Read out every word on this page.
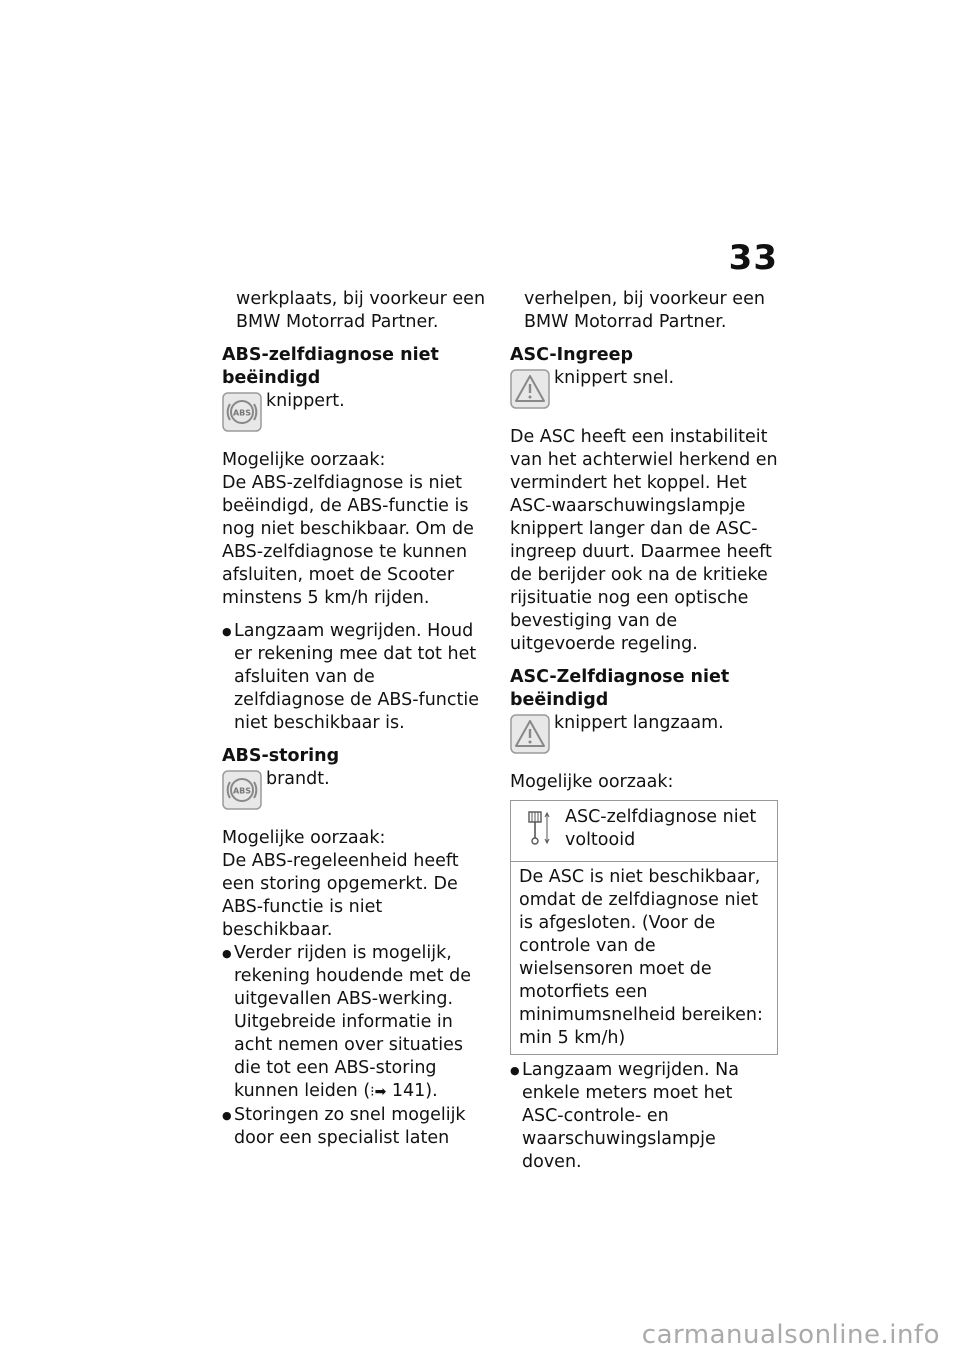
33
werkplaats, bij voorkeur een
BMW Motorrad Partner.
ABS-zelfdiagnose niet
beëindigd
ABS
knippert.
Mogelijke oorzaak:
De ABS-zelfdiagnose is niet beëindigd, de ABS-functie is nog niet beschikbaar. Om de ABS-zelfdiagnose te kunnen afsluiten, moet de Scooter minstens 5 km/h rijden.
● Langzaam wegrijden. Houd er rekening mee dat tot het afsluiten van de zelfdiagnose de ABS-functie niet beschikbaar is.
ABS-storing
ABS
brandt.
Mogelijke oorzaak:
De ABS-regeleenheid heeft een storing opgemerkt. De ABS-functie is niet beschikbaar.
● Verder rijden is mogelijk, rekening houdende met de uitgevallen ABS-werking. Uitgebreide informatie in acht nemen over situaties die tot een ABS-storing kunnen leiden (⁝➡ 141).
● Storingen zo snel mogelijk door een specialist laten
verhelpen, bij voorkeur een
BMW Motorrad Partner.
ASC-Ingreep
knippert snel.
De ASC heeft een instabiliteit van het achterwiel herkend en vermindert het koppel. Het ASC-waarschuwingslampje knippert langer dan de ASC-ingreep duurt. Daarmee heeft de berijder ook na de kritieke rijsituatie nog een optische bevestiging van de uitgevoerde regeling.
ASC-Zelfdiagnose niet
beëindigd
knippert langzaam.
Mogelijke oorzaak:
ASC-zelfdiagnose niet voltooid
De ASC is niet beschikbaar, omdat de zelfdiagnose niet is afgesloten. (Voor de controle van de wielsensoren moet de motorfiets een minimumsnelheid bereiken: min 5 km/h)
● Langzaam wegrijden. Na enkele meters moet het ASC-controle- en waarschuwingslampje doven.
carmanualsonline.info
